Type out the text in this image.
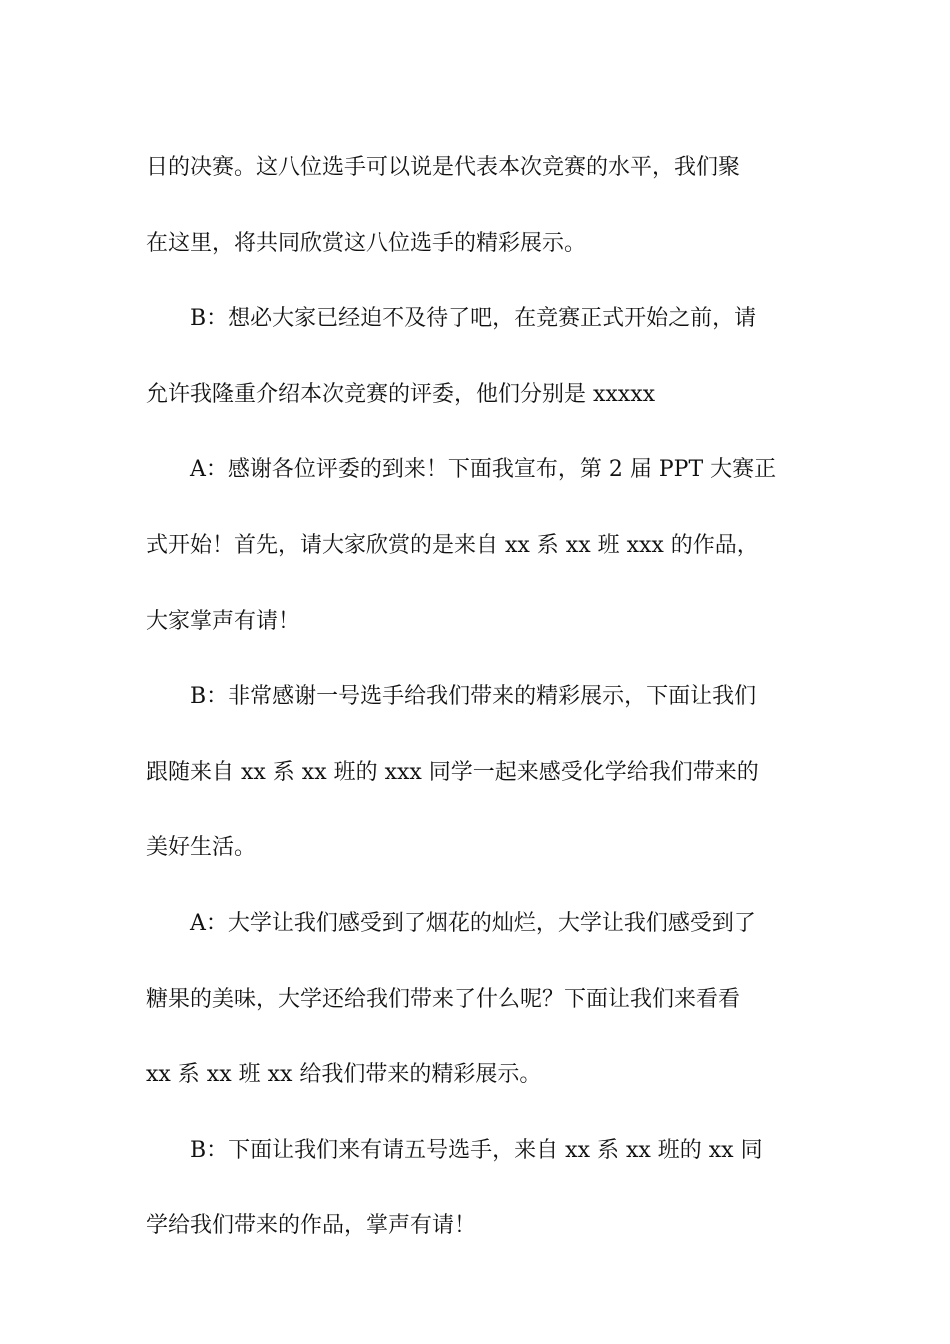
日的决赛。这八位选手可以说是代表本次竞赛的水平，我们聚
在这里，将共同欣赏这八位选手的精彩展示。
B：想必大家已经迫不及待了吧，在竞赛正式开始之前，请
允许我隆重介绍本次竞赛的评委，他们分别是 xxxxx
A：感谢各位评委的到来！下面我宣布，第 2 届 PPT 大赛正
式开始！首先，请大家欣赏的是来自 xx 系 xx 班 xxx 的作品，
大家掌声有请！
B：非常感谢一号选手给我们带来的精彩展示，下面让我们
跟随来自 xx 系 xx 班的 xxx 同学一起来感受化学给我们带来的
美好生活。
A：大学让我们感受到了烟花的灿烂，大学让我们感受到了
糖果的美味，大学还给我们带来了什么呢？下面让我们来看看
xx 系 xx 班 xx 给我们带来的精彩展示。
B：下面让我们来有请五号选手，来自 xx 系 xx 班的 xx 同
学给我们带来的作品，掌声有请！
